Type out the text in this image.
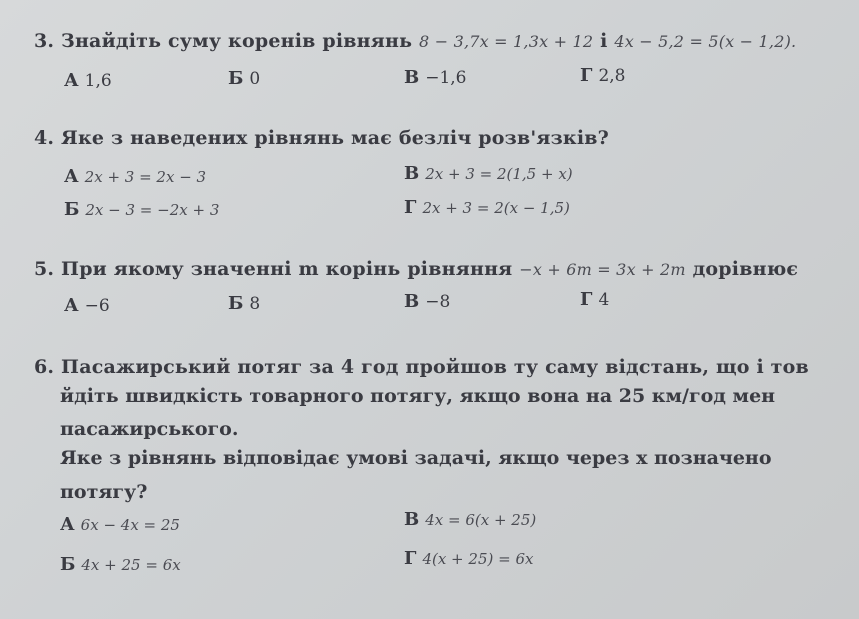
3. Знайдіть суму коренів рівнянь 8 − 3,7x = 1,3x + 12 і 4x − 5,2 = 5(x − 1,2).
А 1,6	Б 0	В −1,6	Г 2,8
4. Яке з наведених рівнянь має безліч розв'язків?
А 2x + 3 = 2x − 3	В 2x + 3 = 2(1,5 + x)
Б 2x − 3 = −2x + 3	Г 2x + 3 = 2(x − 1,5)
5. При якому значенні m корінь рівняння −x + 6m = 3x + 2m дорівнює
А −6	Б 8	В −8	Г 4
6. Пасажирський потяг за 4 год пройшов ту саму відстань, що і тов
йдіть швидкість товарного потягу, якщо вона на 25 км/год мен
пасажирського.
Яке з рівнянь відповідає умові задачі, якщо через x позначено
потягу?
А 6x − 4x = 25	В 4x = 6(x + 25)
Б 4x + 25 = 6x	Г 4(x + 25) = 6x
